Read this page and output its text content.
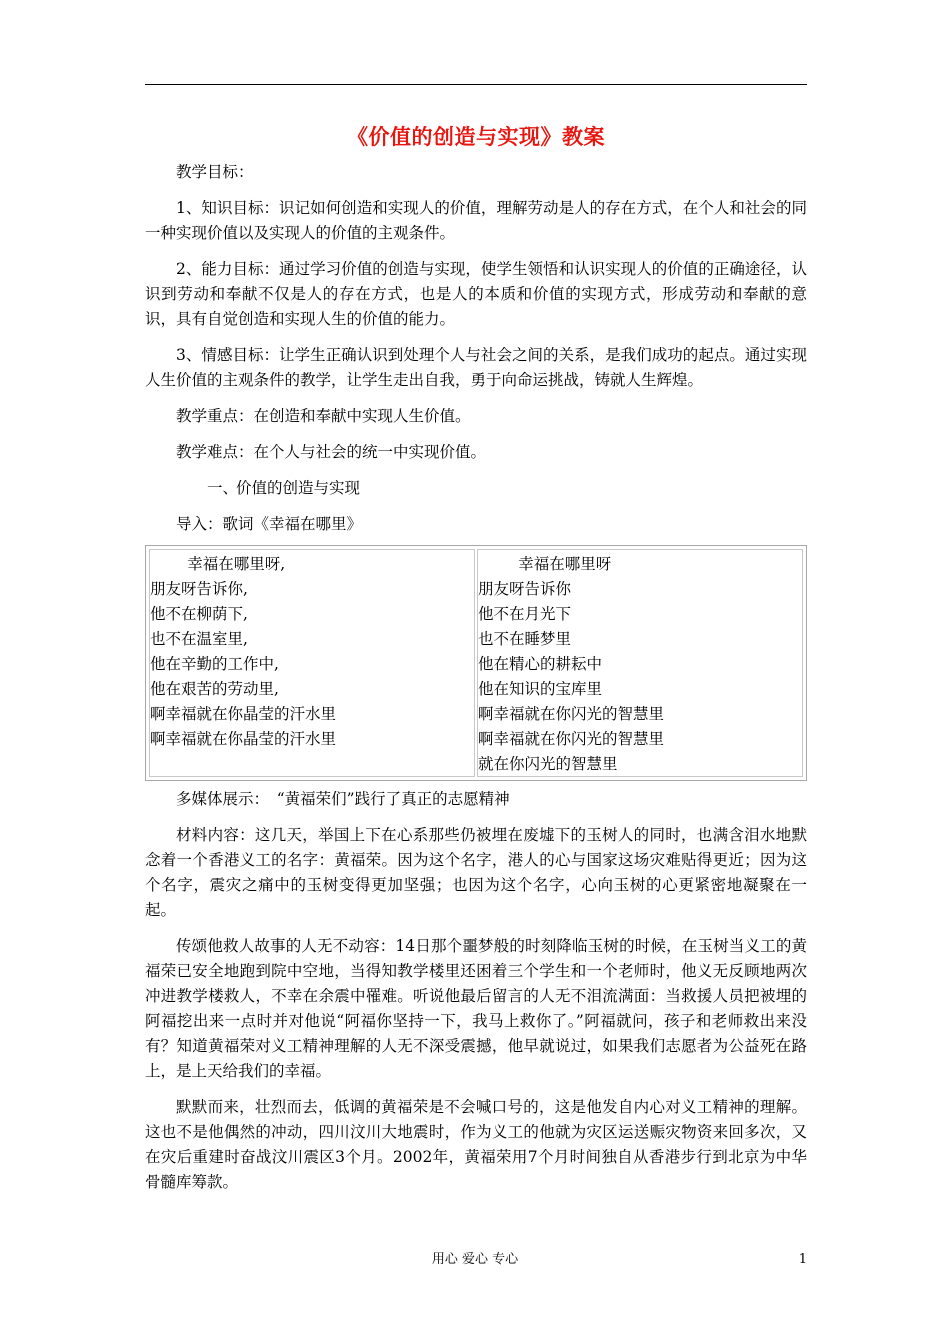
《价值的创造与实现》教案

教学目标：

1、知识目标：识记如何创造和实现人的价值，理解劳动是人的存在方式，在个人和社会的同一种实现价值以及实现人的价值的主观条件。

2、能力目标：通过学习价值的创造与实现，使学生领悟和认识实现人的价值的正确途径，认识到劳动和奉献不仅是人的存在方式，也是人的本质和价值的实现方式，形成劳动和奉献的意识，具有自觉创造和实现人生的价值的能力。

3、情感目标：让学生正确认识到处理个人与社会之间的关系，是我们成功的起点。通过实现人生价值的主观条件的教学，让学生走出自我，勇于向命运挑战，铸就人生辉煌。

教学重点：在创造和奉献中实现人生价值。

教学难点：在个人与社会的统一中实现价值。

一、价值的创造与实现

导入：歌词《幸福在哪里》

幸福在哪里呀,
朋友呀告诉你,
他不在柳荫下,
也不在温室里,
他在辛勤的工作中,
他在艰苦的劳动里,
啊幸福就在你晶莹的汗水里
啊幸福就在你晶莹的汗水里
幸福在哪里呀
朋友呀告诉你
他不在月光下
也不在睡梦里
他在精心的耕耘中
他在知识的宝库里
啊幸福就在你闪光的智慧里
啊幸福就在你闪光的智慧里
就在你闪光的智慧里

多媒体展示：　“黄福荣们”践行了真正的志愿精神

材料内容：这几天，举国上下在心系那些仍被埋在废墟下的玉树人的同时，也满含泪水地默念着一个香港义工的名字：黄福荣。因为这个名字，港人的心与国家这场灾难贴得更近；因为这个名字，震灾之痛中的玉树变得更加坚强；也因为这个名字，心向玉树的心更紧密地凝聚在一起。

传颂他救人故事的人无不动容：14日那个噩梦般的时刻降临玉树的时候，在玉树当义工的黄福荣已安全地跑到院中空地，当得知教学楼里还困着三个学生和一个老师时，他义无反顾地两次冲进教学楼救人，不幸在余震中罹难。听说他最后留言的人无不泪流满面：当救援人员把被埋的阿福挖出来一点时并对他说“阿福你坚持一下，我马上救你了。”阿福就问，孩子和老师救出来没有？知道黄福荣对义工精神理解的人无不深受震撼，他早就说过，如果我们志愿者为公益死在路上，是上天给我们的幸福。

默默而来，壮烈而去，低调的黄福荣是不会喊口号的，这是他发自内心对义工精神的理解。这也不是他偶然的冲动，四川汶川大地震时，作为义工的他就为灾区运送赈灾物资来回多次，又在灾后重建时奋战汶川震区3个月。2002年，黄福荣用7个月时间独自从香港步行到北京为中华骨髓库筹款。

用心 爱心 专心	1
